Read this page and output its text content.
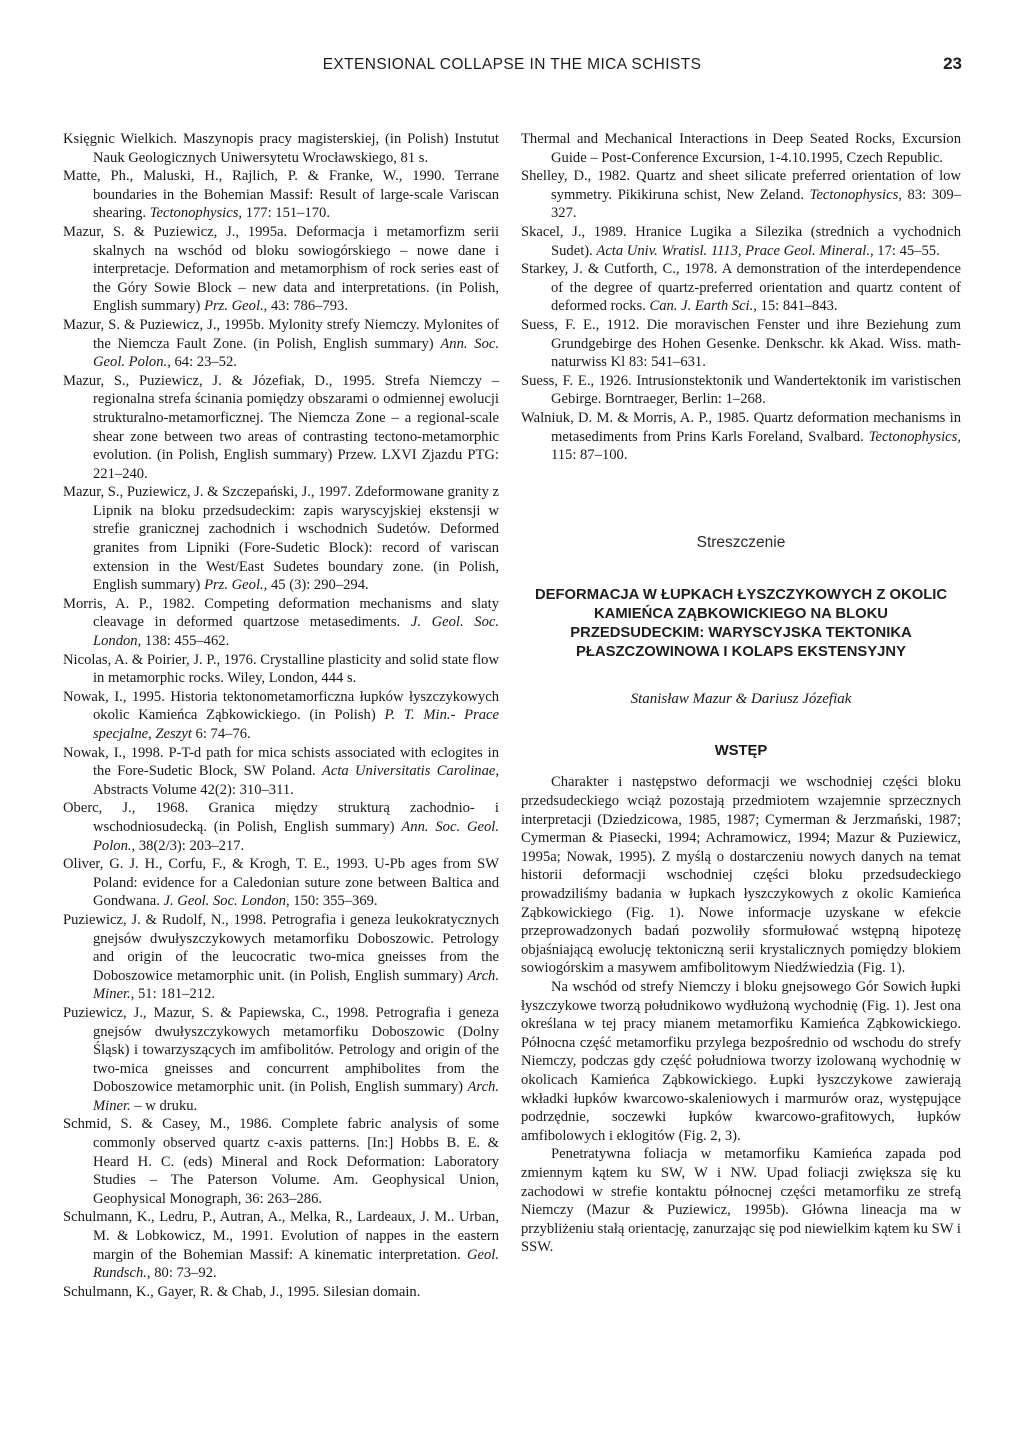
EXTENSIONAL COLLAPSE IN THE MICA SCHISTS	23

Księgnic Wielkich. Maszynopis pracy magisterskiej, (in Polish) Instutut Nauk Geologicznych Uniwersytetu Wrocławskiego, 81 s.

Matte, Ph., Maluski, H., Rajlich, P. & Franke, W., 1990. Terrane boundaries in the Bohemian Massif: Result of large-scale Variscan shearing. Tectonophysics, 177: 151–170.

Mazur, S. & Puziewicz, J., 1995a. Deformacja i metamorfizm serii skalnych na wschód od bloku sowiogórskiego – nowe dane i interpretacje. Deformation and metamorphism of rock series east of the Góry Sowie Block – new data and interpretations. (in Polish, English summary) Prz. Geol., 43: 786–793.

Mazur, S. & Puziewicz, J., 1995b. Mylonity strefy Niemczy. Mylonites of the Niemcza Fault Zone. (in Polish, English summary) Ann. Soc. Geol. Polon., 64: 23–52.

Mazur, S., Puziewicz, J. & Józefiak, D., 1995. Strefa Niemczy – regionalna strefa ścinania pomiędzy obszarami o odmiennej ewolucji strukturalno-metamorficznej. The Niemcza Zone – a regional-scale shear zone between two areas of contrasting tectono-metamorphic evolution. (in Polish, English summary) Przew. LXVI Zjazdu PTG: 221–240.

Mazur, S., Puziewicz, J. & Szczepański, J., 1997. Zdeformowane granity z Lipnik na bloku przedsudeckim: zapis waryscyjskiej ekstensji w strefie granicznej zachodnich i wschodnich Sudetów. Deformed granites from Lipniki (Fore-Sudetic Block): record of variscan extension in the West/East Sudetes boundary zone. (in Polish, English summary) Prz. Geol., 45 (3): 290–294.

Morris, A. P., 1982. Competing deformation mechanisms and slaty cleavage in deformed quartzose metasediments. J. Geol. Soc. London, 138: 455–462.

Nicolas, A. & Poirier, J. P., 1976. Crystalline plasticity and solid state flow in metamorphic rocks. Wiley, London, 444 s.

Nowak, I., 1995. Historia tektonometamorficzna łupków łyszczykowych okolic Kamieńca Ząbkowickiego. (in Polish) P. T. Min.- Prace specjalne, Zeszyt 6: 74–76.

Nowak, I., 1998. P-T-d path for mica schists associated with eclogites in the Fore-Sudetic Block, SW Poland. Acta Universitatis Carolinae, Abstracts Volume 42(2): 310–311.

Oberc, J., 1968. Granica między strukturą zachodnio- i wschodniosudecką. (in Polish, English summary) Ann. Soc. Geol. Polon., 38(2/3): 203–217.

Oliver, G. J. H., Corfu, F., & Krogh, T. E., 1993. U-Pb ages from SW Poland: evidence for a Caledonian suture zone between Baltica and Gondwana. J. Geol. Soc. London, 150: 355–369.

Puziewicz, J. & Rudolf, N., 1998. Petrografia i geneza leukokratycznych gnejsów dwułyszczykowych metamorfiku Doboszowic. Petrology and origin of the leucocratic two-mica gneisses from the Doboszowice metamorphic unit. (in Polish, English summary) Arch. Miner., 51: 181–212.

Puziewicz, J., Mazur, S. & Papiewska, C., 1998. Petrografia i geneza gnejsów dwułyszczykowych metamorfiku Doboszowic (Dolny Śląsk) i towarzyszących im amfibolitów. Petrology and origin of the two-mica gneisses and concurrent amphibolites from the Doboszowice metamorphic unit. (in Polish, English summary) Arch. Miner. – w druku.

Schmid, S. & Casey, M., 1986. Complete fabric analysis of some commonly observed quartz c-axis patterns. [In:] Hobbs B. E. & Heard H. C. (eds) Mineral and Rock Deformation: Laboratory Studies – The Paterson Volume. Am. Geophysical Union, Geophysical Monograph, 36: 263–286.

Schulmann, K., Ledru, P., Autran, A., Melka, R., Lardeaux, J. M.. Urban, M. & Lobkowicz, M., 1991. Evolution of nappes in the eastern margin of the Bohemian Massif: A kinematic interpretation. Geol. Rundsch., 80: 73–92.

Schulmann, K., Gayer, R. & Chab, J., 1995. Silesian domain.

Thermal and Mechanical Interactions in Deep Seated Rocks, Excursion Guide – Post-Conference Excursion, 1-4.10.1995, Czech Republic.

Shelley, D., 1982. Quartz and sheet silicate preferred orientation of low symmetry. Pikikiruna schist, New Zeland. Tectonophysics, 83: 309–327.

Skacel, J., 1989. Hranice Lugika a Silezika (strednich a vychodnich Sudet). Acta Univ. Wratisl. 1113, Prace Geol. Mineral., 17: 45–55.

Starkey, J. & Cutforth, C., 1978. A demonstration of the interdependence of the degree of quartz-preferred orientation and quartz content of deformed rocks. Can. J. Earth Sci., 15: 841–843.

Suess, F. E., 1912. Die moravischen Fenster und ihre Beziehung zum Grundgebirge des Hohen Gesenke. Denkschr. kk Akad. Wiss. math-naturwiss Kl 83: 541–631.

Suess, F. E., 1926. Intrusionstektonik und Wandertektonik im varistischen Gebirge. Borntraeger, Berlin: 1–268.

Walniuk, D. M. & Morris, A. P., 1985. Quartz deformation mechanisms in metasediments from Prins Karls Foreland, Svalbard. Tectonophysics, 115: 87–100.

Streszczenie
DEFORMACJA W ŁUPKACH ŁYSZCZYKOWYCH Z OKOLIC KAMIEŃCA ZĄBKOWICKIEGO NA BLOKU PRZEDSUDECKIM: WARYSCYJSKA TEKTONIKA PŁASZCZOWINOWA I KOLAPS EKSTENSYJNY
Stanisław Mazur & Dariusz Józefiak
WSTĘP

Charakter i następstwo deformacji we wschodniej części bloku przedsudeckiego wciąż pozostają przedmiotem wzajemnie sprzecznych interpretacji (Dziedzicowa, 1985, 1987; Cymerman & Jerzmański, 1987; Cymerman & Piasecki, 1994; Achramowicz, 1994; Mazur & Puziewicz, 1995a; Nowak, 1995). Z myślą o dostarczeniu nowych danych na temat historii deformacji wschodniej części bloku przedsudeckiego prowadziliśmy badania w łupkach łyszczykowych z okolic Kamieńca Ząbkowickiego (Fig. 1). Nowe informacje uzyskane w efekcie przeprowadzonych badań pozwoliły sformułować wstępną hipotezę objaśniającą ewolucję tektoniczną serii krystalicznych pomiędzy blokiem sowiogórskim a masywem amfibolitowym Niedźwiedzia (Fig. 1).

Na wschód od strefy Niemczy i bloku gnejsowego Gór Sowich łupki łyszczykowe tworzą południkowo wydłużoną wychodnię (Fig. 1). Jest ona określana w tej pracy mianem metamorfiku Kamieńca Ząbkowickiego. Północna część metamorfiku przylega bezpośrednio od wschodu do strefy Niemczy, podczas gdy część południowa tworzy izolowaną wychodnię w okolicach Kamieńca Ząbkowickiego. Łupki łyszczykowe zawierają wkładki łupków kwarcowo-skaleniowych i marmurów oraz, występujące podrzędnie, soczewki łupków kwarcowo-grafitowych, łupków amfibolowych i eklogitów (Fig. 2, 3).

Penetratywna foliacja w metamorfiku Kamieńca zapada pod zmiennym kątem ku SW, W i NW. Upad foliacji zwiększa się ku zachodowi w strefie kontaktu północnej części metamorfiku ze strefą Niemczy (Mazur & Puziewicz, 1995b). Główna lineacja ma w przybliżeniu stałą orientację, zanurzając się pod niewielkim kątem ku SW i SSW.
